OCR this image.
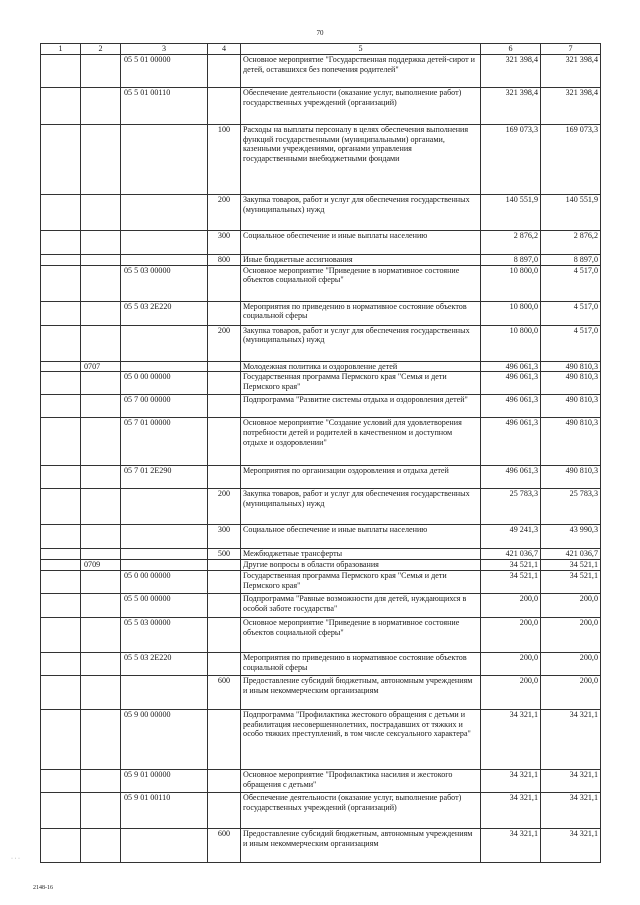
70
1	2	3	4	5	6	7
		05 5 01 00000		Основное мероприятие "Государственная поддержка детей-сирот и детей, оставшихся без попечения родителей"	321 398,4	321 398,4
		05 5 01 00110		Обеспечение деятельности (оказание услуг, выполнение работ) государственных учреждений (организаций)	321 398,4	321 398,4
			100	Расходы на выплаты персоналу в целях обеспечения выполнения функций государственными (муниципальными) органами, казенными учреждениями, органами управления государственными внебюджетными фондами	169 073,3	169 073,3
			200	Закупка товаров, работ и услуг для обеспечения государственных (муниципальных) нужд	140 551,9	140 551,9
			300	Социальное обеспечение и иные выплаты населению	2 876,2	2 876,2
			800	Иные бюджетные ассигнования	8 897,0	8 897,0
		05 5 03 00000		Основное мероприятие "Приведение в нормативное состояние объектов социальной сферы"	10 800,0	4 517,0
		05 5 03 2Е220		Мероприятия по приведению в нормативное состояние объектов социальной сферы	10 800,0	4 517,0
			200	Закупка товаров, работ и услуг для обеспечения государственных (муниципальных) нужд	10 800,0	4 517,0
	0707			Молодежная политика и оздоровление детей	496 061,3	490 810,3
		05 0 00 00000		Государственная программа Пермского края "Семья и дети Пермского края"	496 061,3	490 810,3
		05 7 00 00000		Подпрограмма "Развитие системы отдыха и оздоровления детей"	496 061,3	490 810,3
		05 7 01 00000		Основное мероприятие "Создание условий для удовлетворения потребности детей и родителей в качественном и доступном отдыхе и оздоровлении"	496 061,3	490 810,3
		05 7 01 2Е290		Мероприятия по организации оздоровления и отдыха детей	496 061,3	490 810,3
			200	Закупка товаров, работ и услуг для обеспечения государственных (муниципальных) нужд	25 783,3	25 783,3
			300	Социальное обеспечение и иные выплаты населению	49 241,3	43 990,3
			500	Межбюджетные трансферты	421 036,7	421 036,7
	0709			Другие вопросы в области образования	34 521,1	34 521,1
		05 0 00 00000		Государственная программа Пермского края "Семья и дети Пермского края"	34 521,1	34 521,1
		05 5 00 00000		Подпрограмма "Равные возможности для детей, нуждающихся в особой заботе государства"	200,0	200,0
		05 5 03 00000		Основное мероприятие "Приведение в нормативное состояние объектов социальной сферы"	200,0	200,0
		05 5 03 2Е220		Мероприятия по приведению в нормативное состояние объектов социальной сферы	200,0	200,0
			600	Предоставление субсидий бюджетным, автономным учреждениям и иным некоммерческим организациям	200,0	200,0
		05 9 00 00000		Подпрограмма "Профилактика жестокого обращения с детьми и реабилитация несовершеннолетних, пострадавших от тяжких и особо тяжких преступлений, в том числе сексуального характера"	34 321,1	34 321,1
		05 9 01 00000		Основное мероприятие "Профилактика насилия и жестокого обращения с детьми"	34 321,1	34 321,1
		05 9 01 00110		Обеспечение деятельности (оказание услуг, выполнение работ) государственных учреждений (организаций)	34 321,1	34 321,1
			600	Предоставление субсидий бюджетным, автономным учреждениям и иным некоммерческим организациям	34 321,1	34 321,1
· · ·
2148-16
